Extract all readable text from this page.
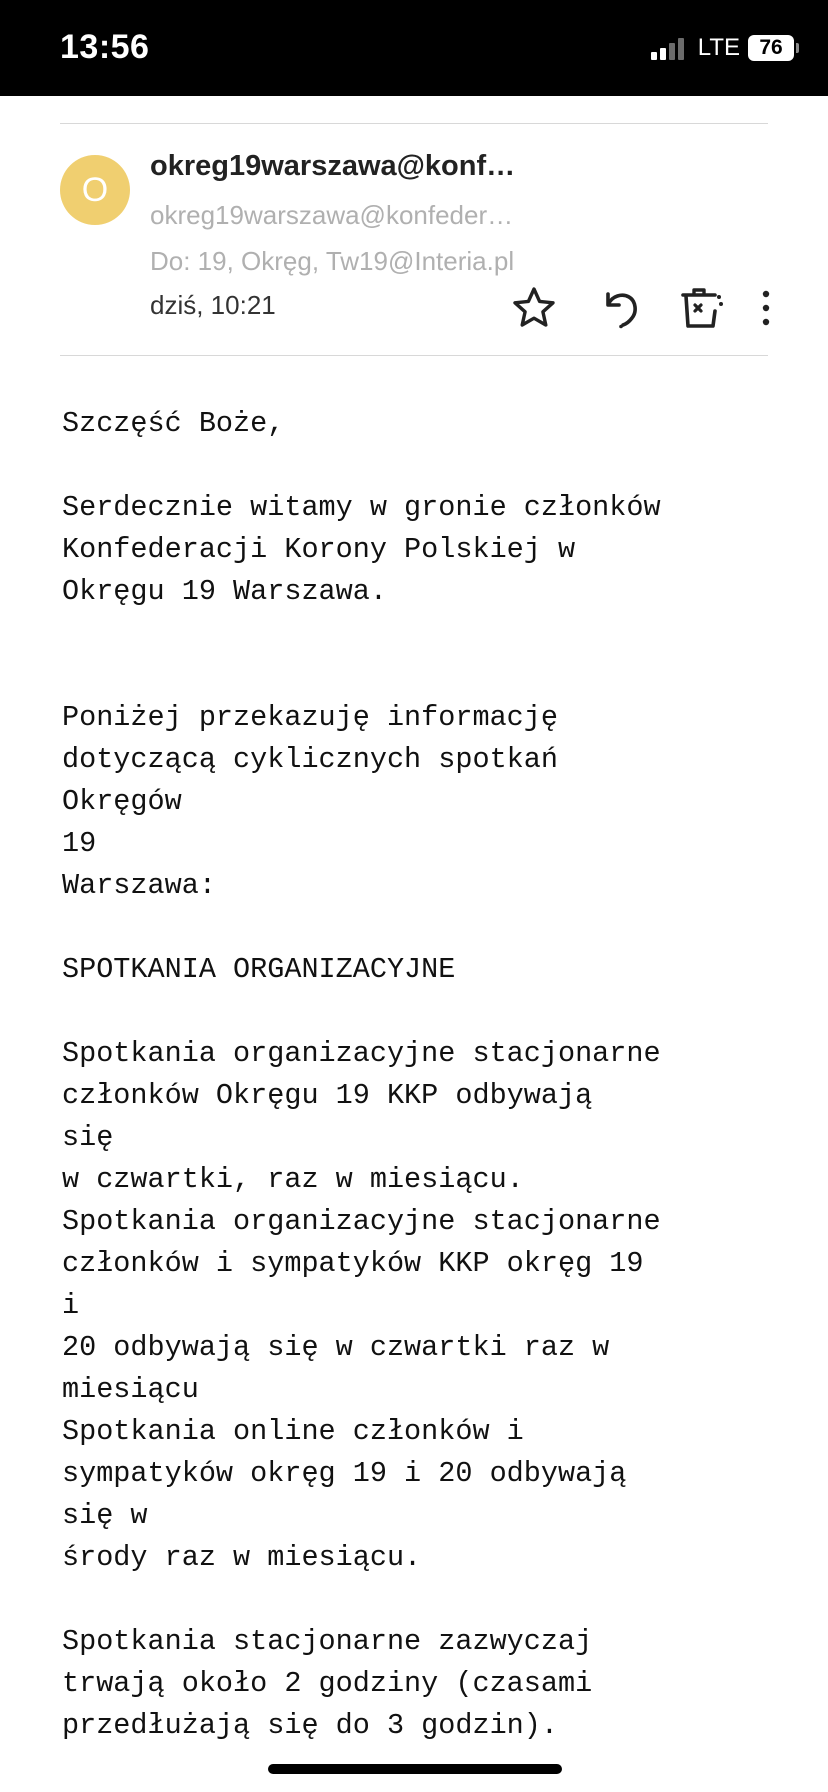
13:56	LTE 76
O
okreg19warszawa@konf…
okreg19warszawa@konfeder…
Do: 19, Okręg, Tw19@Interia.pl
dziś, 10:21
Szczęść Boże,

Serdecznie witamy w gronie członków
Konfederacji Korony Polskiej w
Okręgu 19 Warszawa.

Poniżej przekazuję informację
dotyczącą cyklicznych spotkań
Okręgów
19
Warszawa:

SPOTKANIA ORGANIZACYJNE

Spotkania organizacyjne stacjonarne
członków Okręgu 19 KKP odbywają
się
w czwartki, raz w miesiącu.
Spotkania organizacyjne stacjonarne
członków i sympatyków KKP okręg 19
i
20 odbywają się w czwartki raz w
miesiącu
Spotkania online członków i
sympatyków okręg 19 i 20 odbywają
się w
środy raz w miesiącu.

Spotkania stacjonarne zazwyczaj
trwają około 2 godziny (czasami
przedłużają się do 3 godzin).
